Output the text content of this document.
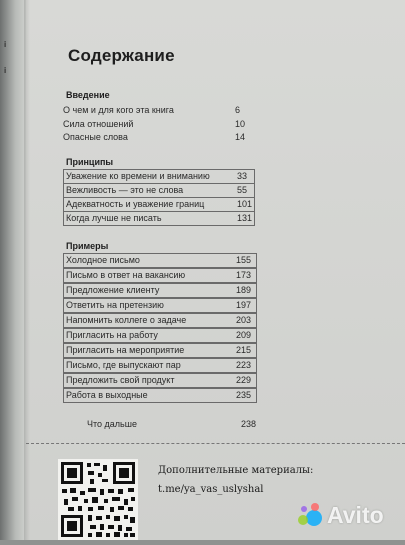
і
і
Содержание
Введение
О чем и для кого эта книга	6
Сила отношений	10
Опасные слова	14
Принципы
Уважение ко времени и вниманию	33
Вежливость — это не слова	55
Адекватность и уважение границ	101
Когда лучше не писать	131
Примеры
Холодное письмо	155
Письмо в ответ на вакансию	173
Предложение клиенту	189
Ответить на претензию	197
Напомнить коллеге о задаче	203
Пригласить на работу	209
Пригласить на мероприятие	215
Письмо, где выпускают пар	223
Предложить свой продукт	229
Работа в выходные	235
Что дальше	238
Дополнительные материалы:
t.me/ya_vas_uslyshal
Avito
